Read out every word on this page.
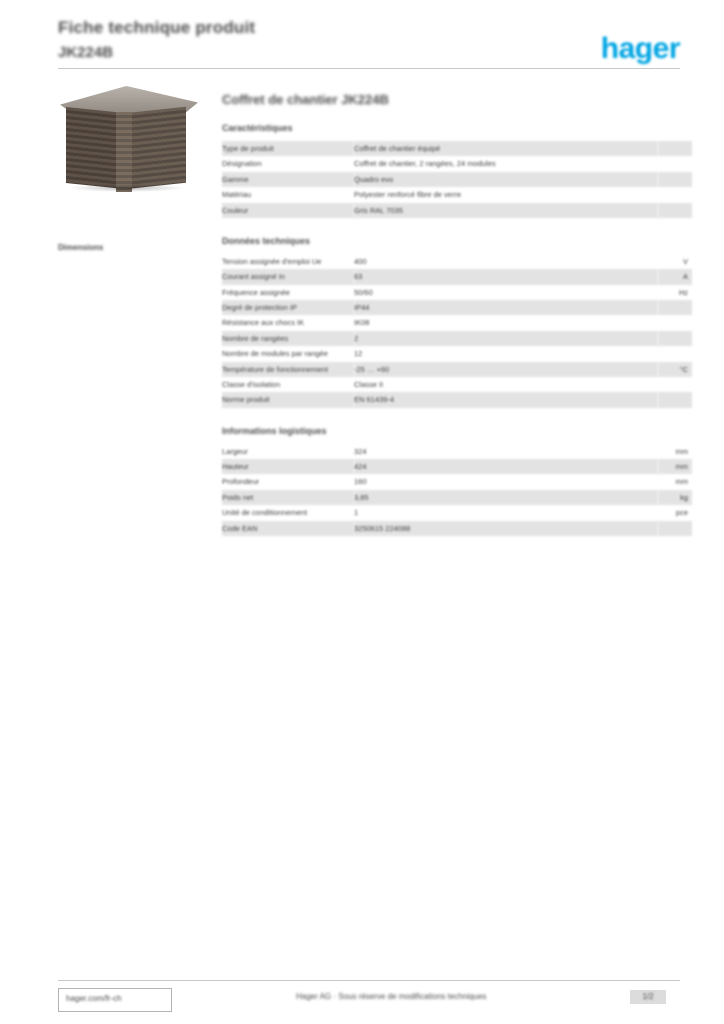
Fiche technique produit
JK224B	hager
Dimensions
Coffret de chantier JK224B
Caractéristiques
Type de produit	Coffret de chantier équipé	
Désignation	Coffret de chantier, 2 rangées, 24 modules	
Gamme	Quadro evo	
Matériau	Polyester renforcé fibre de verre	
Couleur	Gris RAL 7035	
Données techniques
Tension assignée d'emploi Ue	400	V
Courant assigné In	63	A
Fréquence assignée	50/60	Hz
Degré de protection IP	IP44	
Résistance aux chocs IK	IK08	
Nombre de rangées	2	
Nombre de modules par rangée	12	
Température de fonctionnement	-25 … +60	°C
Classe d'isolation	Classe II	
Norme produit	EN 61439-4	
Informations logistiques
Largeur	324	mm
Hauteur	424	mm
Profondeur	160	mm
Poids net	3,85	kg
Unité de conditionnement	1	pce
Code EAN	3250615 224088	
hager.com/fr-ch	Hager AG · Sous réserve de modifications techniques	1/2
